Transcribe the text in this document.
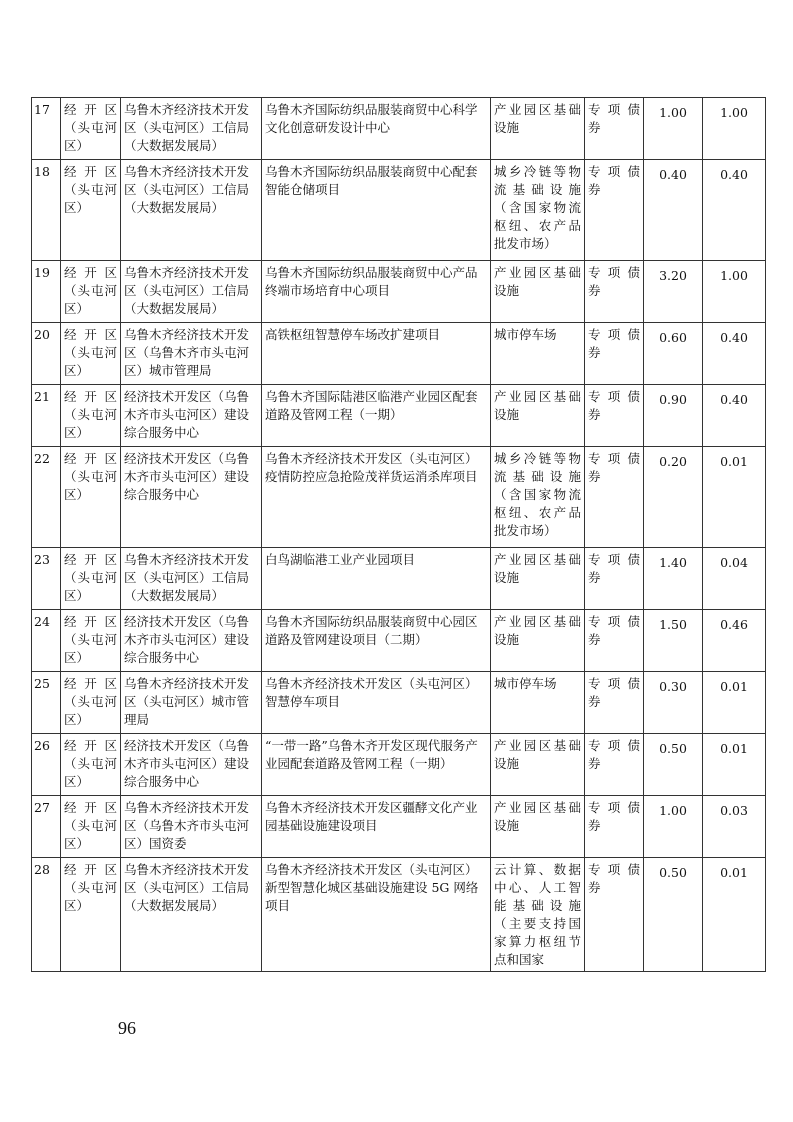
17	经 开 区（头屯河区）	乌鲁木齐经济技术开发区（头屯河区）工信局（大数据发展局）	乌鲁木齐国际纺织品服装商贸中心科学文化创意研发设计中心	产业园区基础设施	专 项 债券	1.00	1.00
18	经 开 区（头屯河区）	乌鲁木齐经济技术开发区（头屯河区）工信局（大数据发展局）	乌鲁木齐国际纺织品服装商贸中心配套智能仓储项目	城乡冷链等物流基础设施（含国家物流枢纽、农产品批发市场）	专 项 债券	0.40	0.40
19	经 开 区（头屯河区）	乌鲁木齐经济技术开发区（头屯河区）工信局（大数据发展局）	乌鲁木齐国际纺织品服装商贸中心产品终端市场培育中心项目	产业园区基础设施	专 项 债券	3.20	1.00
20	经 开 区（头屯河区）	乌鲁木齐经济技术开发区（乌鲁木齐市头屯河区）城市管理局	高铁枢纽智慧停车场改扩建项目	城市停车场	专 项 债券	0.60	0.40
21	经 开 区（头屯河区）	经济技术开发区（乌鲁木齐市头屯河区）建设综合服务中心	乌鲁木齐国际陆港区临港产业园区配套道路及管网工程（一期）	产业园区基础设施	专 项 债券	0.90	0.40
22	经 开 区（头屯河区）	经济技术开发区（乌鲁木齐市头屯河区）建设综合服务中心	乌鲁木齐经济技术开发区（头屯河区）疫情防控应急抢险茂祥货运消杀库项目	城乡冷链等物流基础设施（含国家物流枢纽、农产品批发市场）	专 项 债券	0.20	0.01
23	经 开 区（头屯河区）	乌鲁木齐经济技术开发区（头屯河区）工信局（大数据发展局）	白鸟湖临港工业产业园项目	产业园区基础设施	专 项 债券	1.40	0.04
24	经 开 区（头屯河区）	经济技术开发区（乌鲁木齐市头屯河区）建设综合服务中心	乌鲁木齐国际纺织品服装商贸中心园区道路及管网建设项目（二期）	产业园区基础设施	专 项 债券	1.50	0.46
25	经 开 区（头屯河区）	乌鲁木齐经济技术开发区（头屯河区）城市管理局	乌鲁木齐经济技术开发区（头屯河区）智慧停车项目	城市停车场	专 项 债券	0.30	0.01
26	经 开 区（头屯河区）	经济技术开发区（乌鲁木齐市头屯河区）建设综合服务中心	“一带一路”乌鲁木齐开发区现代服务产业园配套道路及管网工程（一期）	产业园区基础设施	专 项 债券	0.50	0.01
27	经 开 区（头屯河区）	乌鲁木齐经济技术开发区（乌鲁木齐市头屯河区）国资委	乌鲁木齐经济技术开发区疆酵文化产业园基础设施建设项目	产业园区基础设施	专 项 债券	1.00	0.03
28	经 开 区（头屯河区）	乌鲁木齐经济技术开发区（头屯河区）工信局（大数据发展局）	乌鲁木齐经济技术开发区（头屯河区）新型智慧化城区基础设施建设 5G 网络项目	云计算、数据中心、人工智能基础设施（主要支持国家算力枢纽节点和国家	专 项 债券	0.50	0.01
96
